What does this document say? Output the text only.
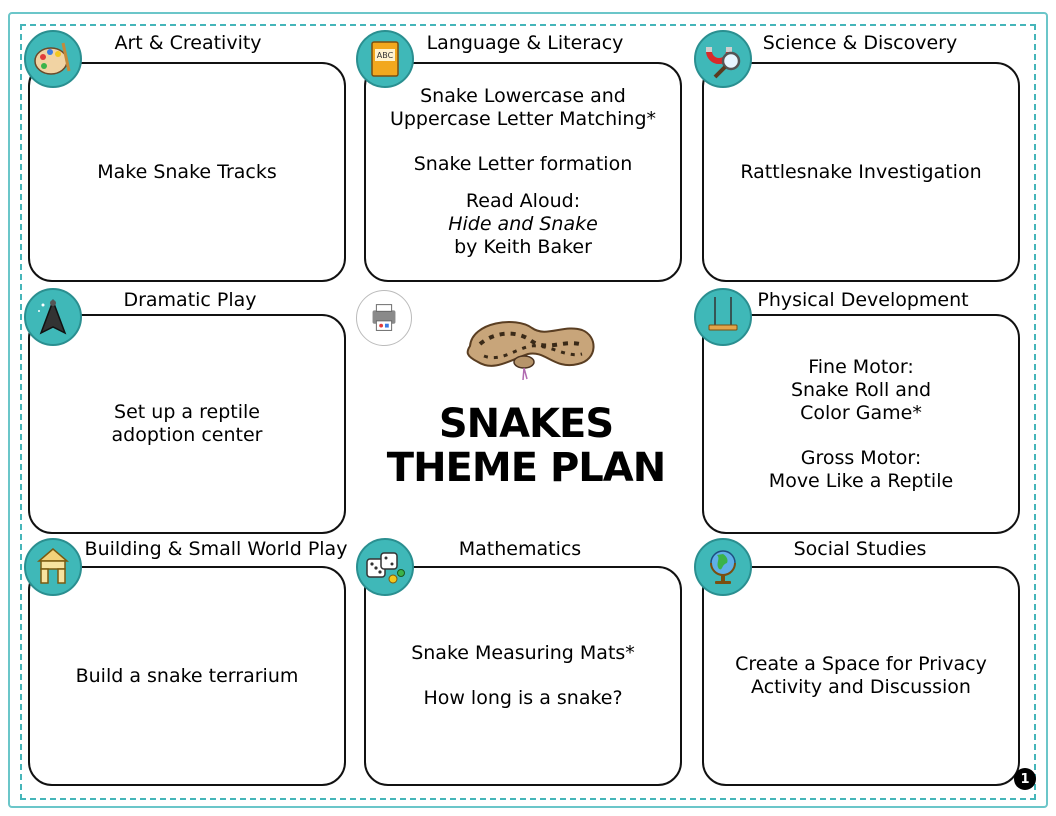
Art & Creativity

Make Snake Tracks

Language & Literacy

Snake Lowercase and

Uppercase Letter Matching*

Snake Letter formation

Read Aloud:

Hide and Snake

by Keith Baker

ABC
Science & Discovery

Rattlesnake Investigation

Dramatic Play

Set up a reptile

adoption center	SNAKES
THEME PLAN
Physical Development

Fine Motor:

Snake Roll and

Color Game*

Gross Motor:

Move Like a Reptile

Building & Small World Play

Build a snake terrarium

Mathematics

Snake Measuring Mats*

How long is a snake?

Social Studies

Create a Space for Privacy

Activity and Discussion

1
